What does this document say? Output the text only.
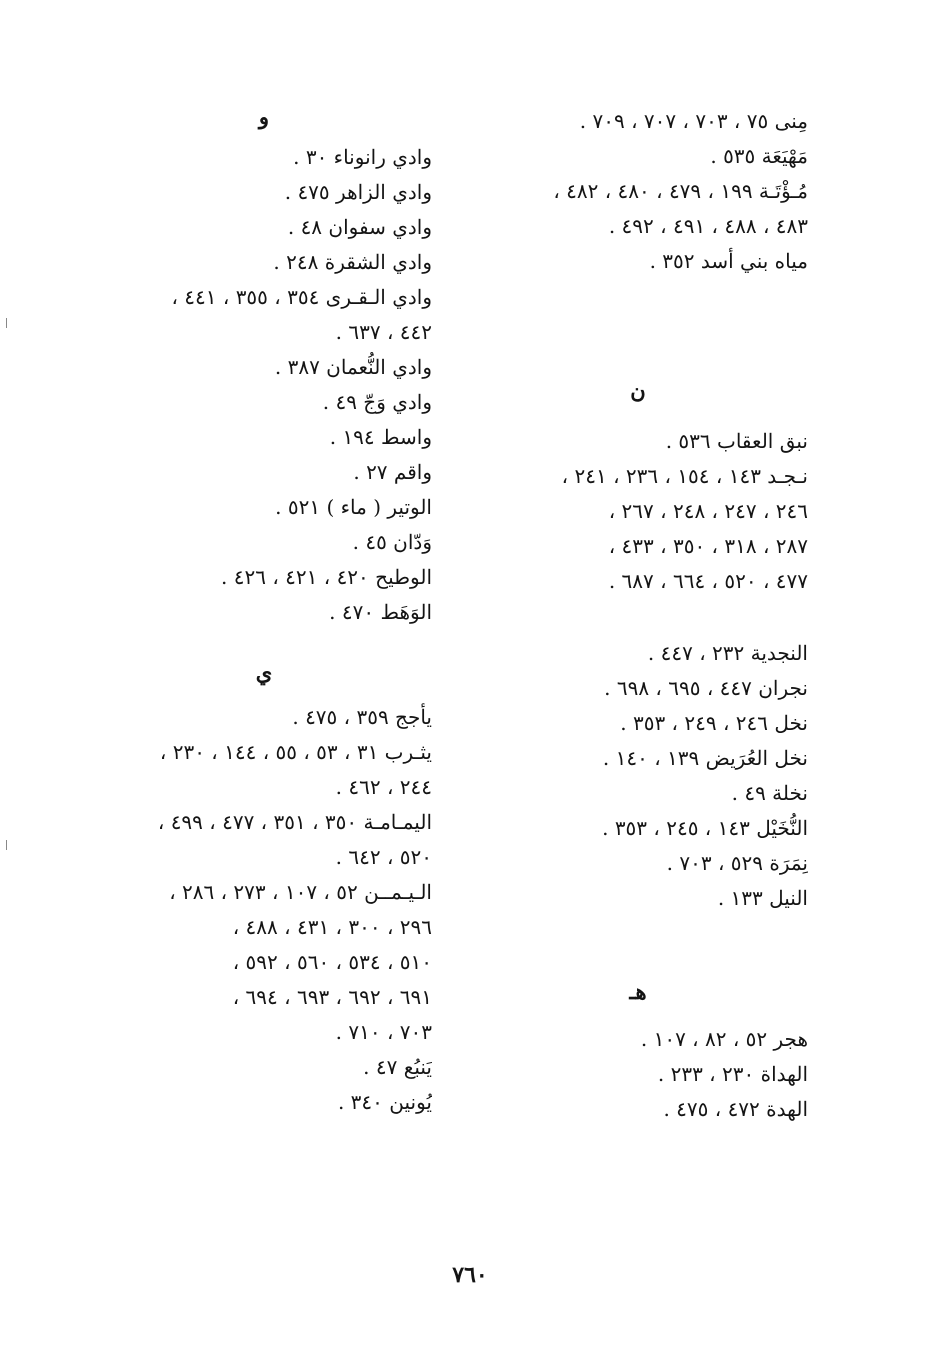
مِنى ٧٥ ، ٧٠٣ ، ٧٠٧ ، ٧٠٩ .
مَهْيَعَة ٥٣٥ .
مُـؤْتَـة ١٩٩ ، ٤٧٩ ، ٤٨٠ ، ٤٨٢ ،
٤٨٣ ، ٤٨٨ ، ٤٩١ ، ٤٩٢ .
مياه بني أسد ٣٥٢ .
ن
نبق العقاب ٥٣٦ .
نـجـد ١٤٣ ، ١٥٤ ، ٢٣٦ ، ٢٤١ ،
٢٤٦ ، ٢٤٧ ، ٢٤٨ ، ٢٦٧ ،
٢٨٧ ، ٣١٨ ، ٣٥٠ ، ٤٣٣ ،
٤٧٧ ، ٥٢٠ ، ٦٦٤ ، ٦٨٧ .
النجدية ٢٣٢ ، ٤٤٧ .
نجران ٤٤٧ ، ٦٩٥ ، ٦٩٨ .
نخل ٢٤٦ ، ٢٤٩ ، ٣٥٣ .
نخل العُرَيض ١٣٩ ، ١٤٠ .
نخلة ٤٩ .
النُّخَيْل ١٤٣ ، ٢٤٥ ، ٣٥٣ .
نِمَرَة ٥٢٩ ، ٧٠٣ .
النيل ١٣٣ .
هـ
هجر ٥٢ ، ٨٢ ، ١٠٧ .
الهداة ٢٣٠ ، ٢٣٣ .
الهدة ٤٧٢ ، ٤٧٥ .
و
وادي رانوناء ٣٠ .
وادي الزاهر ٤٧٥ .
وادي سفوان ٤٨ .
وادي الشقرة ٢٤٨ .
وادي الـقـرى ٣٥٤ ، ٣٥٥ ، ٤٤١ ،
٤٤٢ ، ٦٣٧ .
وادي النُّعمان ٣٨٧ .
وادي وَجّ ٤٩ .
واسط ١٩٤ .
واقم ٢٧ .
الوتير ( ماء ) ٥٢١ .
وَدّان ٤٥ .
الوطيح ٤٢٠ ، ٤٢١ ، ٤٢٦ .
الوَهَط ٤٧٠ .
ي
يأجج ٣٥٩ ، ٤٧٥ .
يثـرب ٣١ ، ٥٣ ، ٥٥ ، ١٤٤ ، ٢٣٠ ،
٢٤٤ ، ٤٦٢ .
اليمـامـة ٣٥٠ ، ٣٥١ ، ٤٧٧ ، ٤٩٩ ،
٥٢٠ ، ٦٤٢ .
الـيـمــن ٥٢ ، ١٠٧ ، ٢٧٣ ، ٢٨٦ ،
٢٩٦ ، ٣٠٠ ، ٤٣١ ، ٤٨٨ ،
٥١٠ ، ٥٣٤ ، ٥٦٠ ، ٥٩٢ ،
٦٩١ ، ٦٩٢ ، ٦٩٣ ، ٦٩٤ ،
٧٠٣ ، ٧١٠ .
يَنبُع ٤٧ .
يُونين ٣٤٠ .
٧٦٠
